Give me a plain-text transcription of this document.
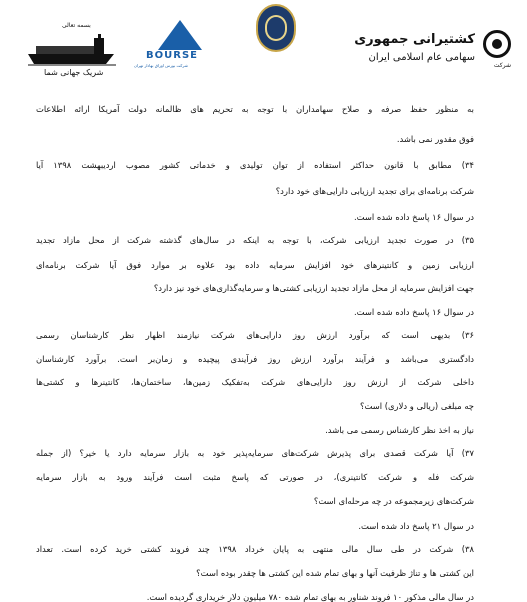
کشتیرانی جمهوری
سهامی عام اسلامی ایران
شرکت
BOURSE
شرکت بورس اوراق بهادار تهران
بسمه تعالی
شریک جهانی شما
به منظور حفظ صرفه و صلاح سهامداران با توجه به تحریم های ظالمانه دولت آمریکا ارائه اطلاعات
فوق مقدور نمی باشد.
۳۴) مطابق با قانون حداکثر استفاده از توان تولیدی و خدماتی کشور مصوب اردیبهشت ۱۳۹۸ آیا
شرکت برنامه‌ای برای تجدید ارزیابی دارایی‌های خود دارد؟
در سوال ۱۶ پاسخ داده شده است.
۳۵) در صورت تجدید ارزیابی شرکت، با توجه به اینکه در سال‌های گذشته شرکت از محل مازاد تجدید
ارزیابی زمین و کانتینرهای خود افزایش سرمایه داده بود علاوه بر موارد فوق آیا شرکت برنامه‌ای
جهت افزایش سرمایه از محل مازاد تجدید ارزیابی کشتی‌ها و سرمایه‌گذاری‌های خود نیز دارد؟
در سوال ۱۶ پاسخ داده شده است.
۳۶) بدیهی است که برآورد ارزش روز دارایی‌های شرکت نیازمند اظهار نظر کارشناسان رسمی
دادگستری می‌باشد و فرآیند برآورد ارزش روز فرآیندی پیچیده و زمان‌بر است. برآورد کارشناسان
داخلی شرکت از ارزش روز دارایی‌های شرکت به‌تفکیک زمین‌ها، ساختمان‌ها، کانتینرها و کشتی‌ها
چه مبلغی (ریالی و دلاری) است؟
نیاز به اخذ نظر کارشناس رسمی می باشد.
۳۷) آیا شرکت قصدی برای پذیرش شرکت‌های سرمایه‌پذیر خود به بازار سرمایه دارد یا خیر؟ (از جمله
شرکت فله و شرکت کانتینری)، در صورتی که پاسخ مثبت است فرآیند ورود به بازار سرمایه
شرکت‌های زیرمجموعه در چه مرحله‌ای است؟
در سوال ۲۱ پاسخ داد شده است.
۳۸) شرکت در طی سال مالی منتهی به پایان خرداد ۱۳۹۸ چند فروند کشتی خرید کرده است. تعداد
این کشتی ها و تناژ ظرفیت آنها و بهای تمام شده این کشتی ها چقدر بوده است؟
در سال مالی مذکور ۱۰ فروند شناور به بهای تمام شده ۷۸۰ میلیون دلار خریداری گردیده است.
